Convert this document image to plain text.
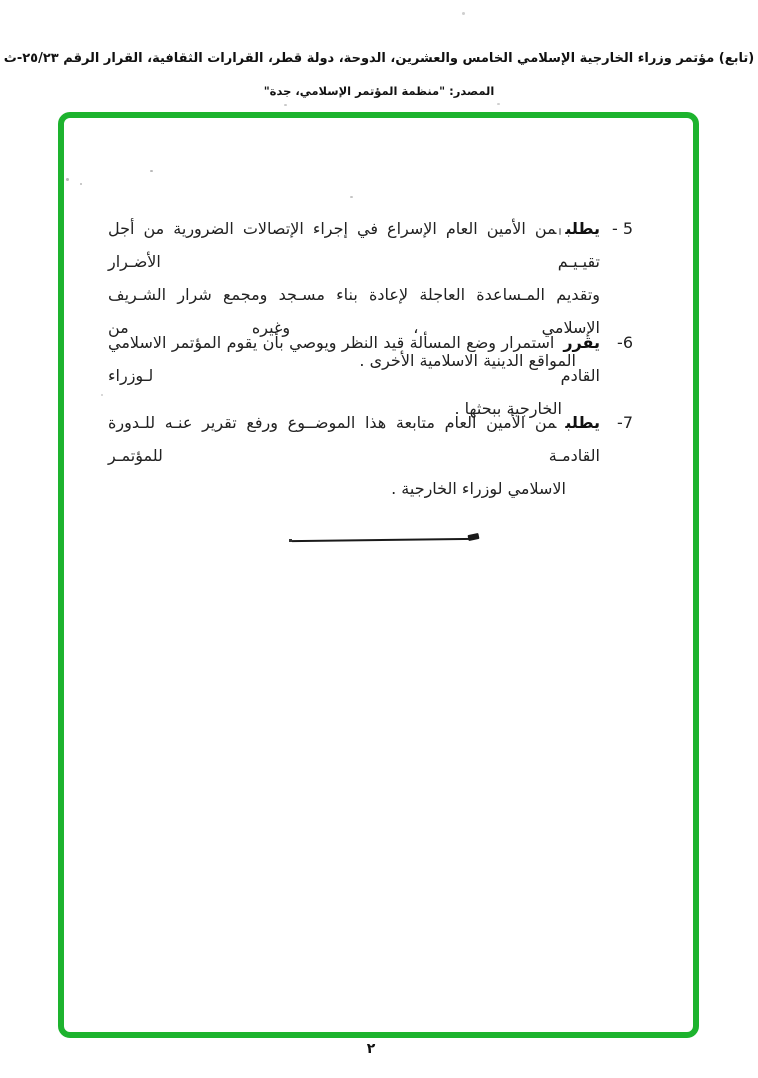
(تابع) مؤتمر وزراء الخارجية الإسلامي الخامس والعشرين، الدوحة، دولة قطر، القرارات الثقافية، القرار الرقم ٢٥/٢٣-ث
المصدر: "منظمة المؤتمر الإسلامي، جدة"
5 -
يطلبمن الأمين العام الإسراع في إجراء الإتصالات الضرورية من أجل تقيـيـم الأضـرار
وتقديم المـساعدة العاجلة لإعادة بناء مسـجد ومجمع شرار الشـريف الإسلامي ، وغيره من
المواقع الدينية الاسلامية الأخرى .
6-
يقرراستمرار وضع المسألة قيد النظر ويوصي بأن يقوم المؤتمر الاسلامي القادم لـوزراء
الخارجية ببحثها .
7-
يطلبمن الأمين العام متابعة هذا الموضــوع ورفع تقرير عنـه للـدورة القادمـة للمؤتمـر
الاسلامي لوزراء الخارجية .
٢
